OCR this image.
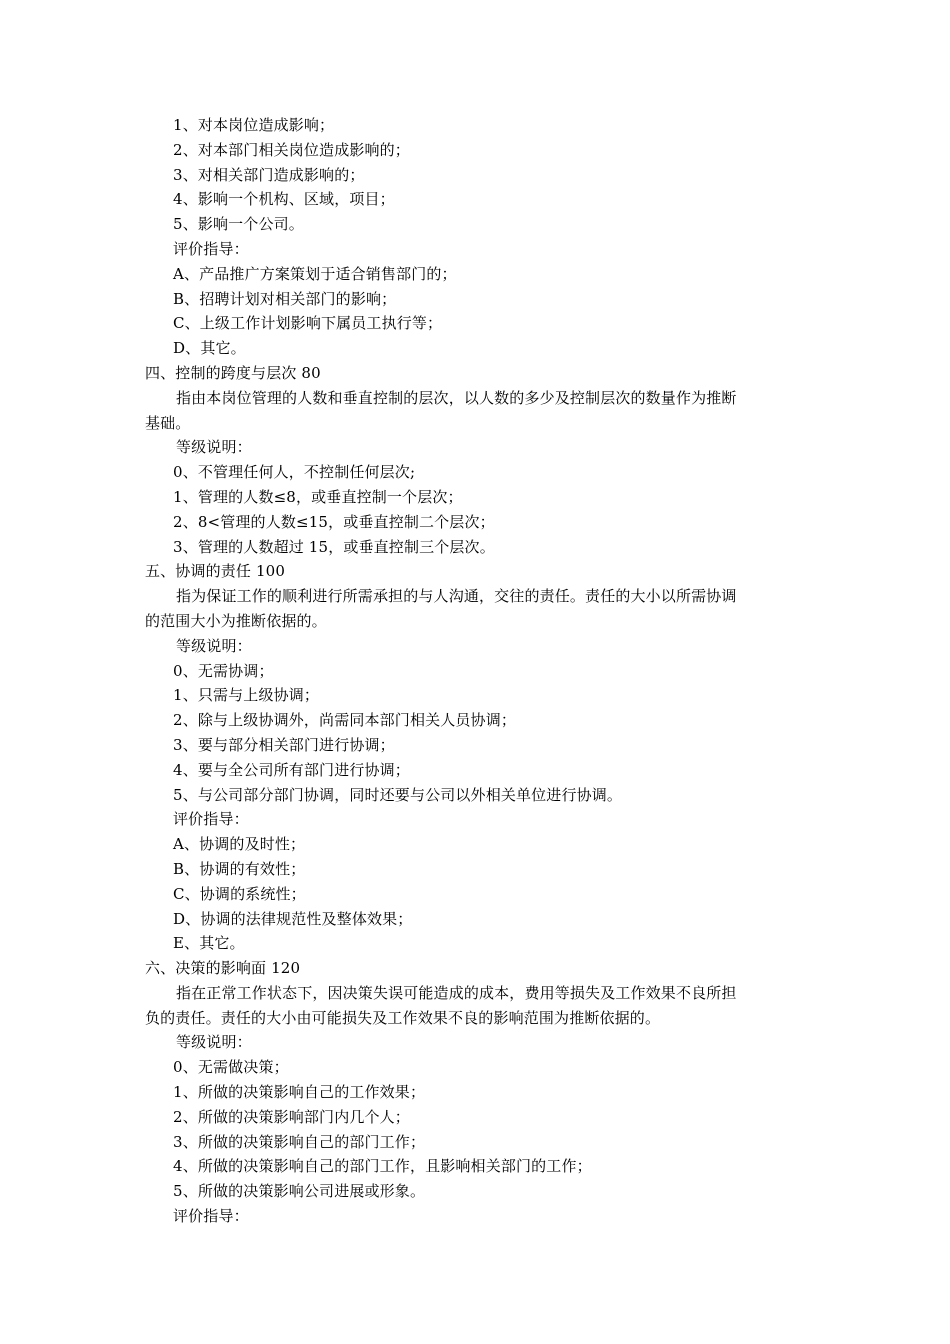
1、对本岗位造成影响；
2、对本部门相关岗位造成影响的；
3、对相关部门造成影响的；
4、影响一个机构、区域，项目；
5、影响一个公司。
评价指导：
A、产品推广方案策划于适合销售部门的；
B、招聘计划对相关部门的影响；
C、上级工作计划影响下属员工执行等；
D、其它。
四、控制的跨度与层次 80
指由本岗位管理的人数和垂直控制的层次，以人数的多少及控制层次的数量作为推断
基础。
等级说明：
0、不管理任何人，不控制任何层次;
1、管理的人数≤8，或垂直控制一个层次；
2、8<管理的人数≤15，或垂直控制二个层次；
3、管理的人数超过 15，或垂直控制三个层次。
五、协调的责任 100
指为保证工作的顺利进行所需承担的与人沟通，交往的责任。责任的大小以所需协调
的范围大小为推断依据的。
等级说明：
0、无需协调；
1、只需与上级协调；
2、除与上级协调外，尚需同本部门相关人员协调；
3、要与部分相关部门进行协调；
4、要与全公司所有部门进行协调；
5、与公司部分部门协调，同时还要与公司以外相关单位进行协调。
评价指导：
A、协调的及时性；
B、协调的有效性；
C、协调的系统性；
D、协调的法律规范性及整体效果；
E、其它。
六、决策的影响面 120
指在正常工作状态下，因决策失误可能造成的成本，费用等损失及工作效果不良所担
负的责任。责任的大小由可能损失及工作效果不良的影响范围为推断依据的。
等级说明：
0、无需做决策；
1、所做的决策影响自己的工作效果；
2、所做的决策影响部门内几个人；
3、所做的决策影响自己的部门工作；
4、所做的决策影响自己的部门工作，且影响相关部门的工作；
5、所做的决策影响公司进展或形象。
评价指导：
